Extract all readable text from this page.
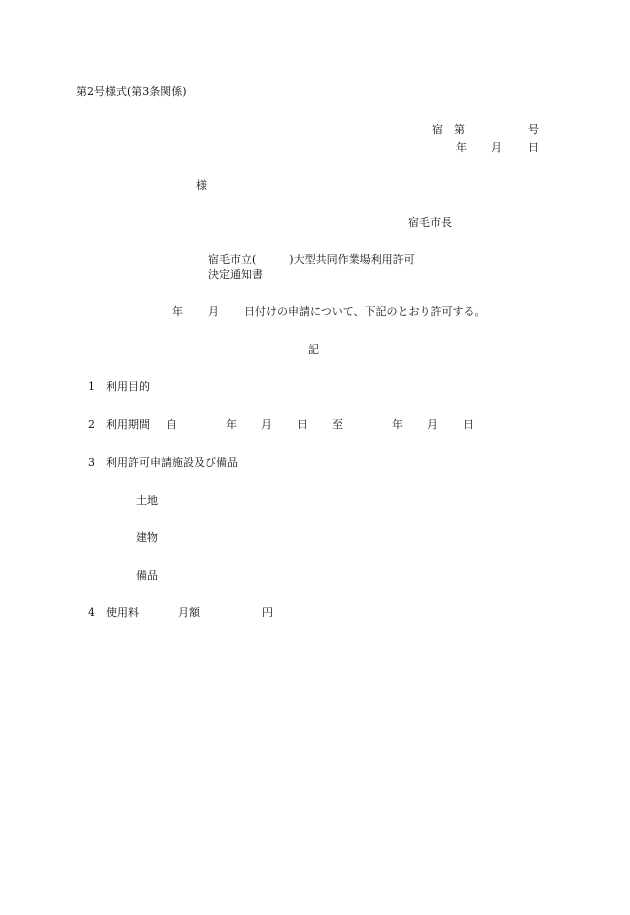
第2号様式(第3条関係)
宿　第	号
年 月 日
様
宿毛市長
宿毛市立(　　　)大型共同作業場利用許可
決定通知書
年 月 日付けの申請について、下記のとおり許可する。
記
1　利用目的
2　利用期間 自	年 月 日 至	年 月 日
3　利用許可申請施設及び備品
土地
建物
備品
4　使用料	月額	円
